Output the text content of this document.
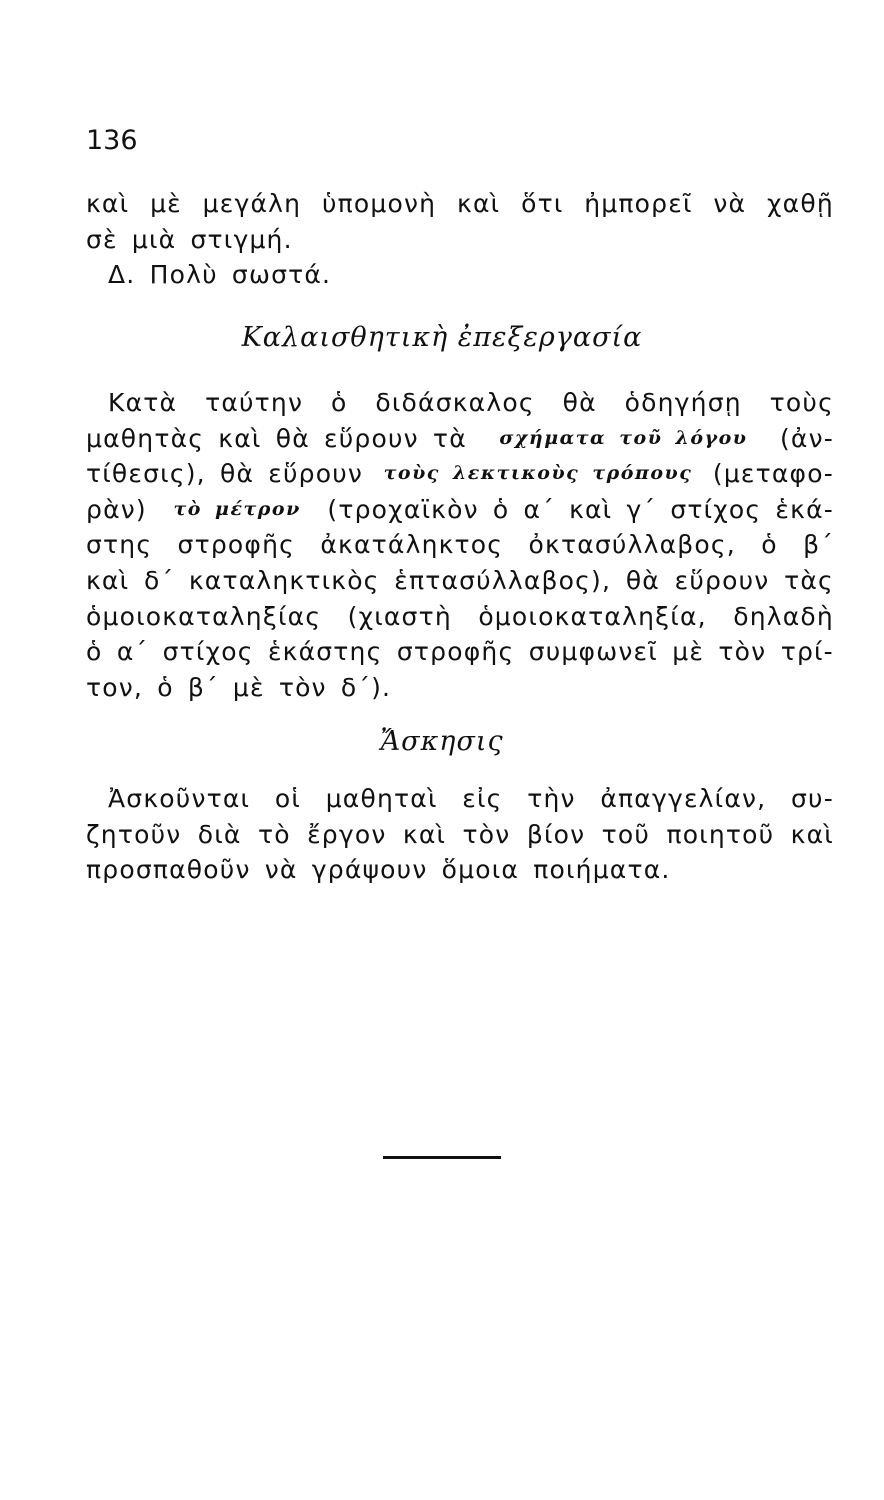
136
καὶ μὲ μεγάλη ὑπομονὴ καὶ ὅτι ἠμπορεῖ νὰ χαθῇ
σὲ μιὰ στιγμή.
Δ. Πολὺ σωστά.
Καλαισθητικὴ ἐπεξεργασία
Κατὰ ταύτην ὁ διδάσκαλος θὰ ὁδηγήσῃ τοὺς
μαθητὰς καὶ θὰ εὕρουν τὰ σχήματα τοῦ λόγου (ἀν-
τίθεσις), θὰ εὕρουν τοὺς λεκτικοὺς τρόπους (μεταφο-
ρὰν) τὸ μέτρον (τροχαϊκὸν ὁ α΄ καὶ γ΄ στίχος ἑκά-
στης στροφῆς ἀκατάληκτος ὀκτασύλλαβος, ὁ β΄
καὶ δ΄ καταληκτικὸς ἑπτασύλλαβος), θὰ εὕρουν τὰς
ὁμοιοκαταληξίας (χιαστὴ ὁμοιοκαταληξία, δηλαδὴ
ὁ α΄ στίχος ἑκάστης στροφῆς συμφωνεῖ μὲ τὸν τρί-
τον, ὁ β΄ μὲ τὸν δ΄).
Ἄσκησις
Ἀσκοῦνται οἱ μαθηταὶ εἰς τὴν ἀπαγγελίαν, συ-
ζητοῦν διὰ τὸ ἔργον καὶ τὸν βίον τοῦ ποιητοῦ καὶ
προσπαθοῦν νὰ γράψουν ὅμοια ποιήματα.
